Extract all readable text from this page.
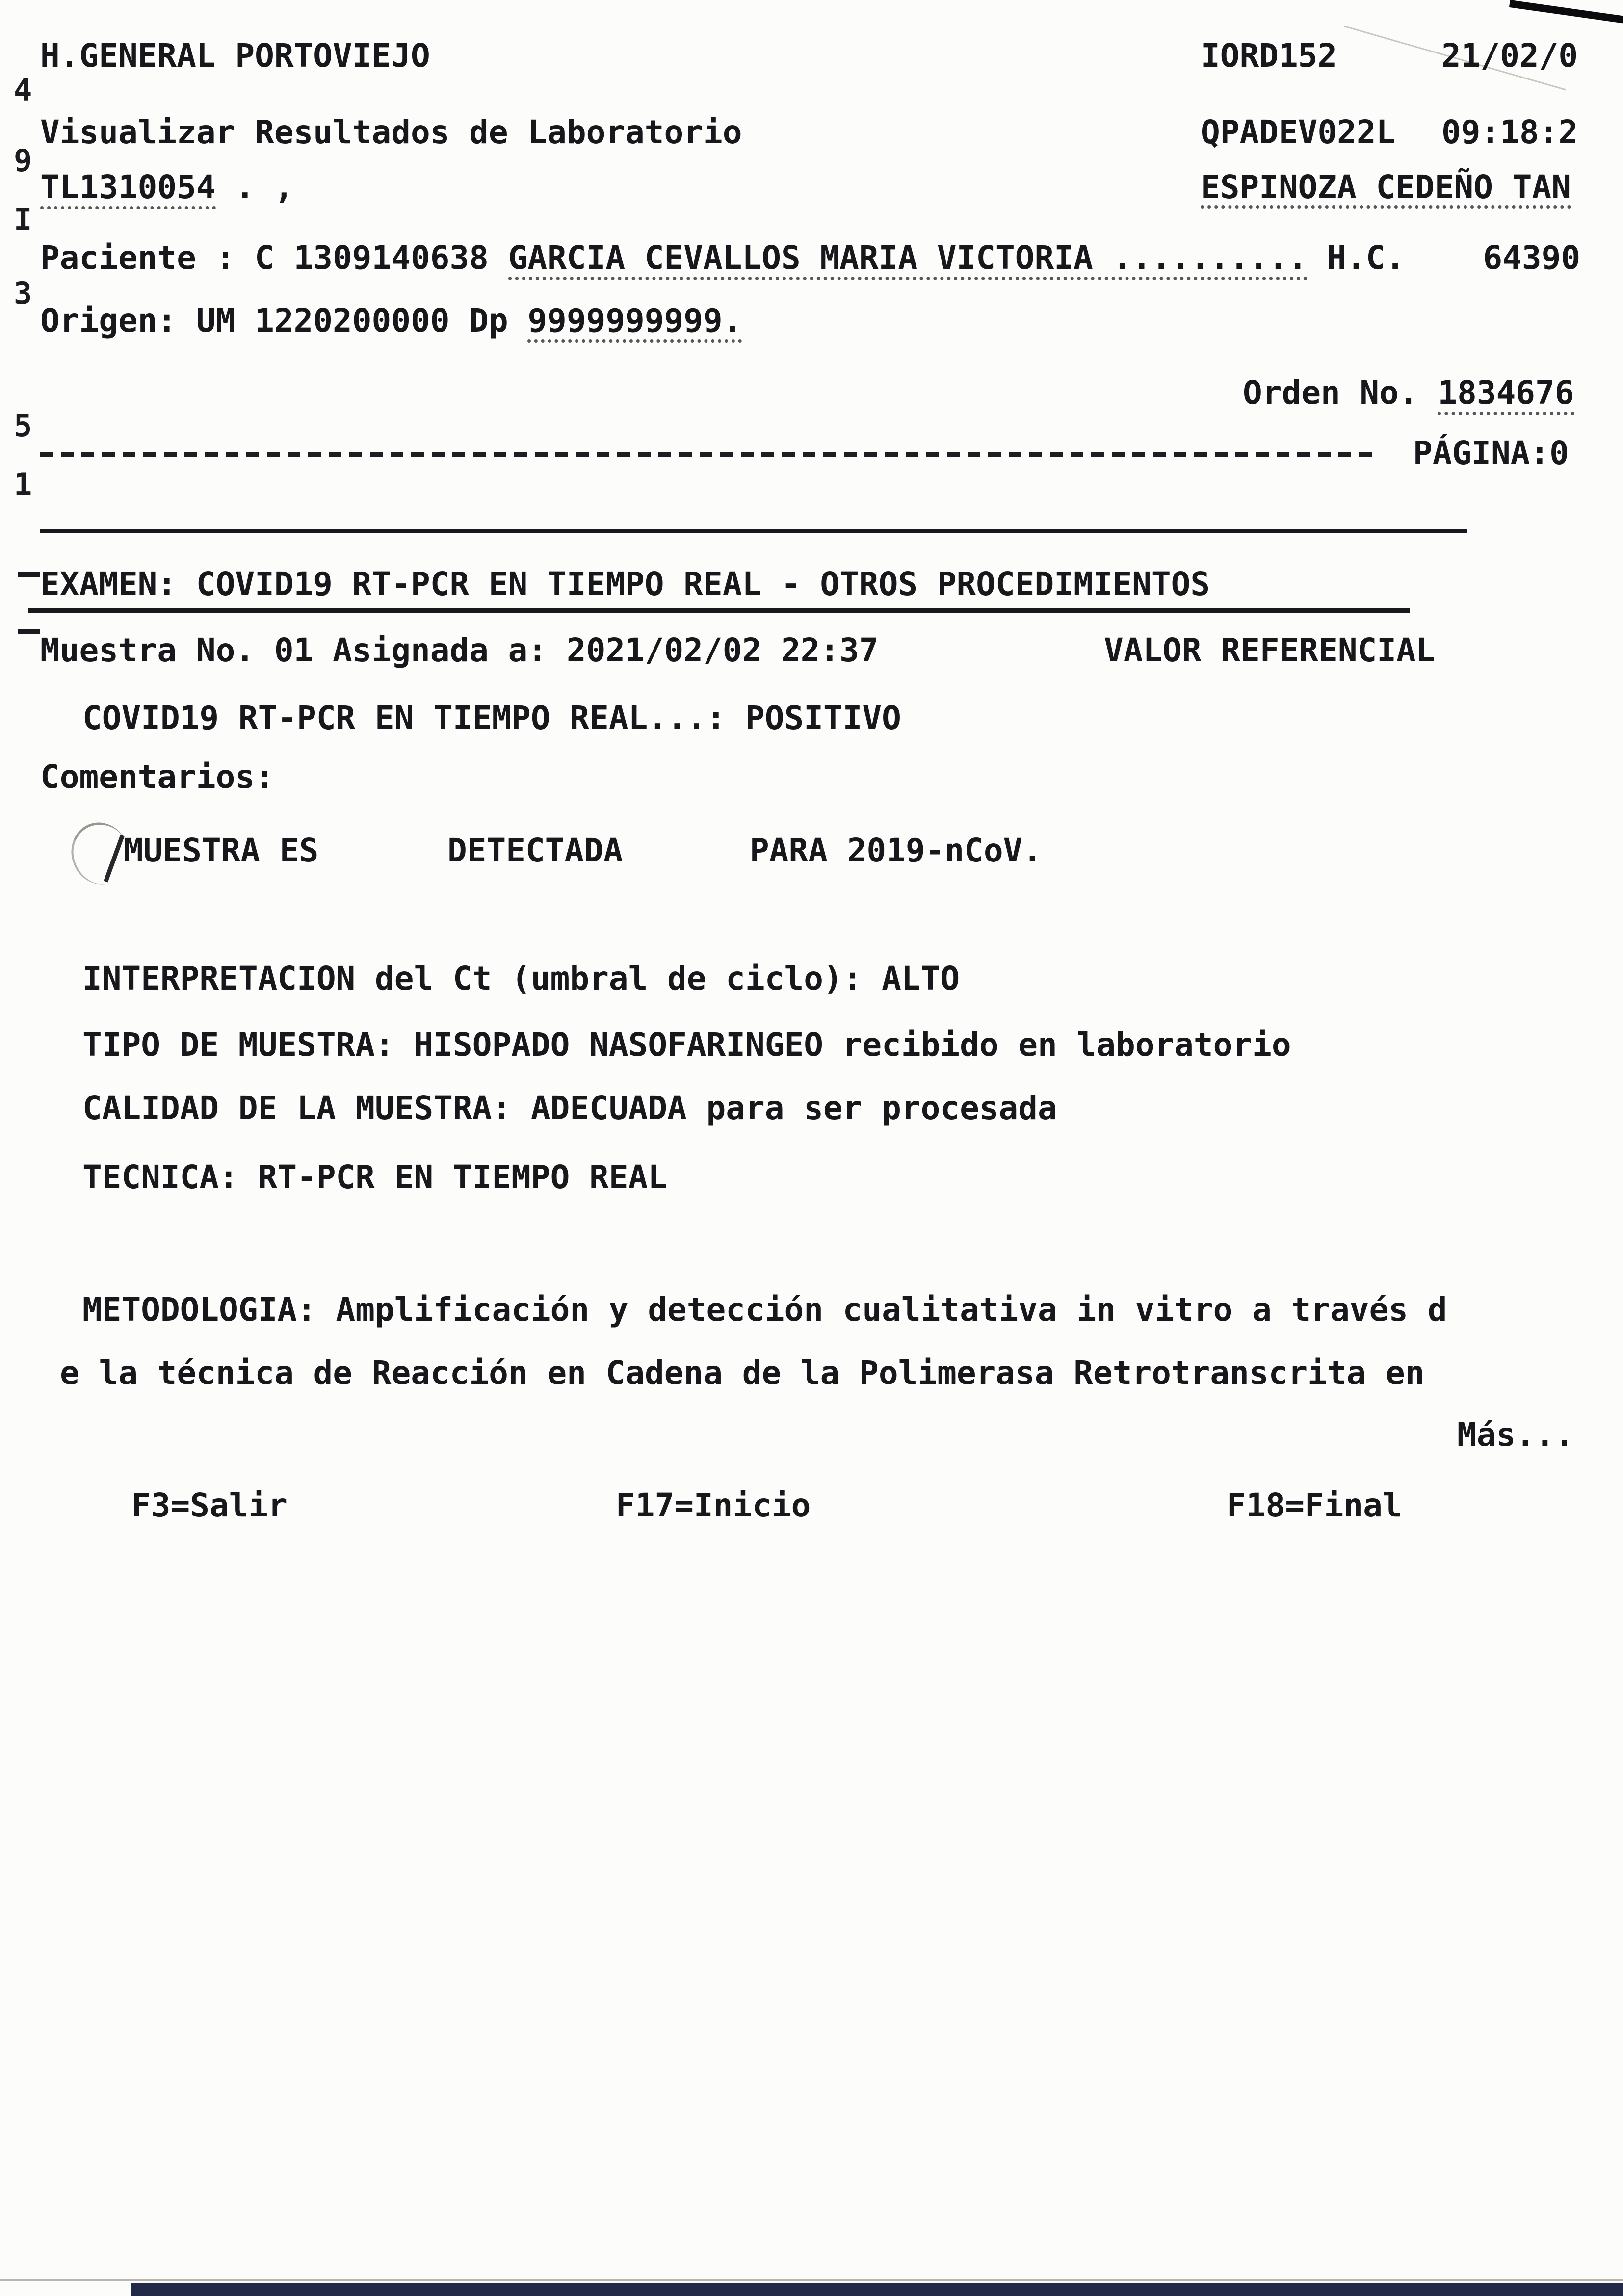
H.GENERAL PORTOVIEJO
Visualizar Resultados de Laboratorio
TL1310054 . ,
IORD152	21/02/0
QPADEV022L 09:18:2
ESPINOZA CEDEÑO TAN
4
9
I
3
5
1
Paciente : C 1309140638 GARCIA CEVALLOS MARIA VICTORIA .......... H.C.    64390
Origen: UM 1220200000 Dp 9999999999.
Orden No. 1834676
PÁGINA:0
EXAMEN: COVID19 RT-PCR EN TIEMPO REAL - OTROS PROCEDIMIENTOS
Muestra No. 01 Asignada a: 2021/02/02 22:37	VALOR REFERENCIAL
COVID19 RT-PCR EN TIEMPO REAL...: POSITIVO
Comentarios:
MUESTRA ES	DETECTADA	PARA 2019-nCoV.
INTERPRETACION del Ct (umbral de ciclo): ALTO
TIPO DE MUESTRA: HISOPADO NASOFARINGEO recibido en laboratorio
CALIDAD DE LA MUESTRA: ADECUADA para ser procesada
TECNICA: RT-PCR EN TIEMPO REAL
METODOLOGIA: Amplificación y detección cualitativa in vitro a través d
e la técnica de Reacción en Cadena de la Polimerasa Retrotranscrita en
Más...
F3=Salir	F17=Inicio	F18=Final
